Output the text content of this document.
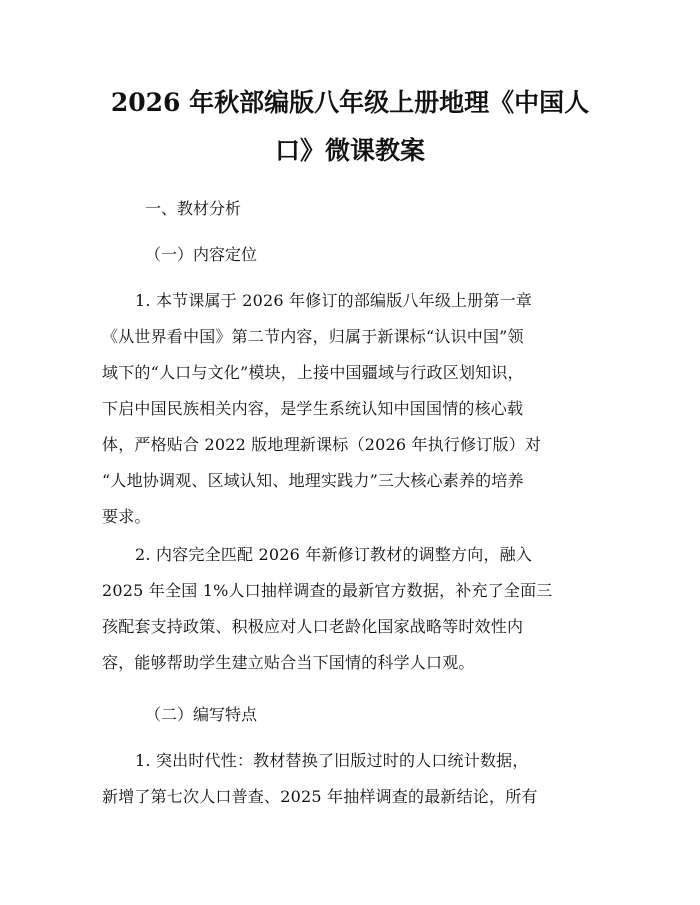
2026 年秋部编版八年级上册地理《中国人
口》微课教案
一、教材分析
（一）内容定位
1. 本节课属于 2026 年修订的部编版八年级上册第一章
《从世界看中国》第二节内容，归属于新课标“认识中国”领
域下的“人口与文化”模块，上接中国疆域与行政区划知识，
下启中国民族相关内容，是学生系统认知中国国情的核心载
体，严格贴合 2022 版地理新课标（2026 年执行修订版）对
“人地协调观、区域认知、地理实践力”三大核心素养的培养
要求。
2. 内容完全匹配 2026 年新修订教材的调整方向，融入
2025 年全国 1%人口抽样调查的最新官方数据，补充了全面三
孩配套支持政策、积极应对人口老龄化国家战略等时效性内
容，能够帮助学生建立贴合当下国情的科学人口观。
（二）编写特点
1. 突出时代性：教材替换了旧版过时的人口统计数据，
新增了第七次人口普查、2025 年抽样调查的最新结论，所有
